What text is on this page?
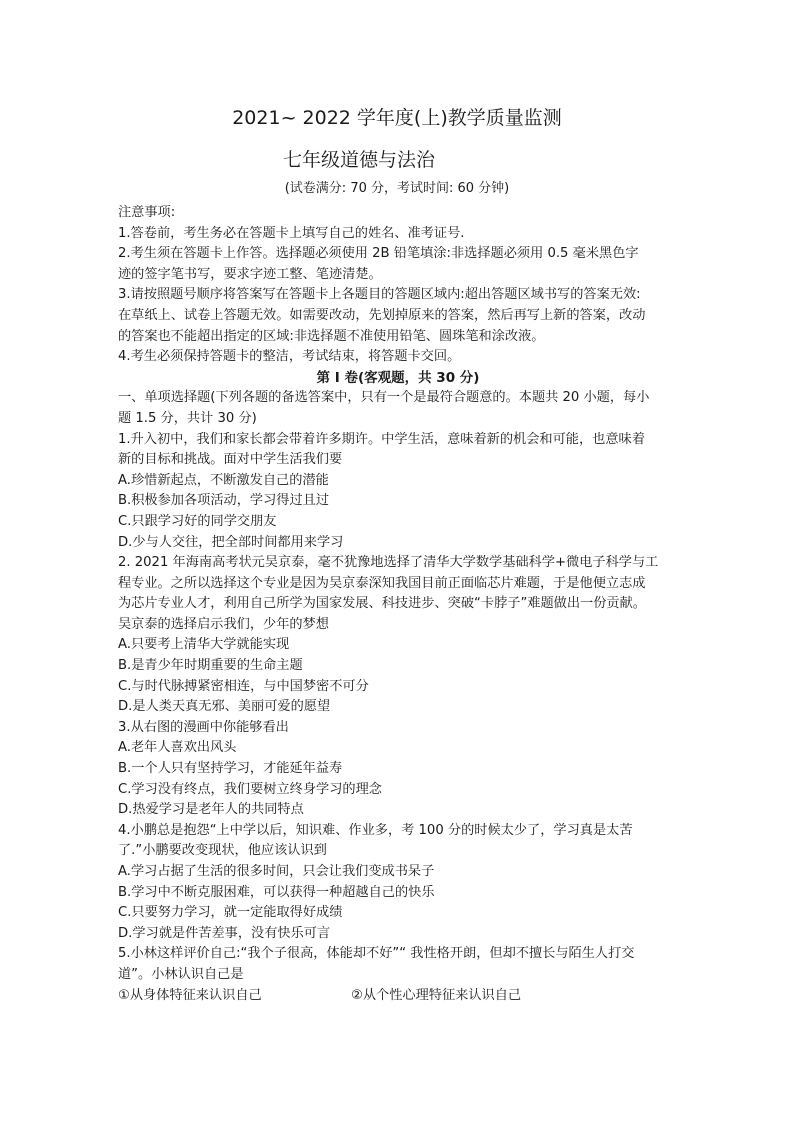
2021~ 2022 学年度(上)教学质量监测
七年级道德与法治
(试卷满分: 70 分，考试时间: 60 分钟)
注意事项:
1.答卷前，考生务必在答题卡上填写自己的姓名、准考证号.
2.考生须在答题卡上作答。选择题必须使用 2B 铅笔填涂:非选择题必须用 0.5 毫米黑色字
迹的签字笔书写，要求字迹工整、笔迹清楚。
3.请按照题号顺序将答案写在答题卡上各题目的答题区域内:超出答题区域书写的答案无效:
在草纸上、试卷上答题无效。如需要改动，先划掉原来的答案，然后再写上新的答案，改动
的答案也不能超出指定的区域:非选择题不准使用铅笔、圆珠笔和涂改液。
4.考生必须保持答题卡的整洁，考试结束，将答题卡交回。
第 I 卷(客观题，共 30 分)
一、单项选择题(下列各题的备选答案中，只有一个是最符合题意的。本题共 20 小题，每小
题 1.5 分，共计 30 分)
1.升入初中，我们和家长都会带着许多期许。中学生活，意味着新的机会和可能，也意味着
新的目标和挑战。面对中学生活我们要
A.珍惜新起点，不断激发自己的潜能
B.积极参加各项活动，学习得过且过
C.只跟学习好的同学交朋友
D.少与人交往，把全部时间都用来学习
2. 2021 年海南高考状元吴京泰，毫不犹豫地选择了清华大学数学基础科学+微电子科学与工
程专业。之所以选择这个专业是因为吴京泰深知我国目前正面临芯片难题，于是他便立志成
为芯片专业人才，利用自己所学为国家发展、科技进步、突破“卡脖子”难题做出一份贡献。
吴京泰的选择启示我们，少年的梦想
A.只要考上清华大学就能实现
B.是青少年时期重要的生命主题
C.与时代脉搏紧密相连，与中国梦密不可分
D.是人类天真无邪、美丽可爱的愿望
3.从右图的漫画中你能够看出
A.老年人喜欢出风头
B.一个人只有坚持学习，才能延年益寿
C.学习没有终点，我们要树立终身学习的理念
D.热爱学习是老年人的共同特点
4.小鹏总是抱怨“上中学以后，知识难、作业多，考 100 分的时候太少了，学习真是太苦
了.”小鹏要改变现状，他应该认识到
A.学习占据了生活的很多时间，只会让我们变成书呆子
B.学习中不断克服困难，可以获得一种超越自己的快乐
C.只要努力学习，就一定能取得好成绩
D.学习就是件苦差事，没有快乐可言
5.小林这样评价自己:“我个子很高，体能却不好”“ 我性格开朗，但却不擅长与陌生人打交
道”。小林认识自己是
①从身体特征来认识自己	②从个性心理特征来认识自己
